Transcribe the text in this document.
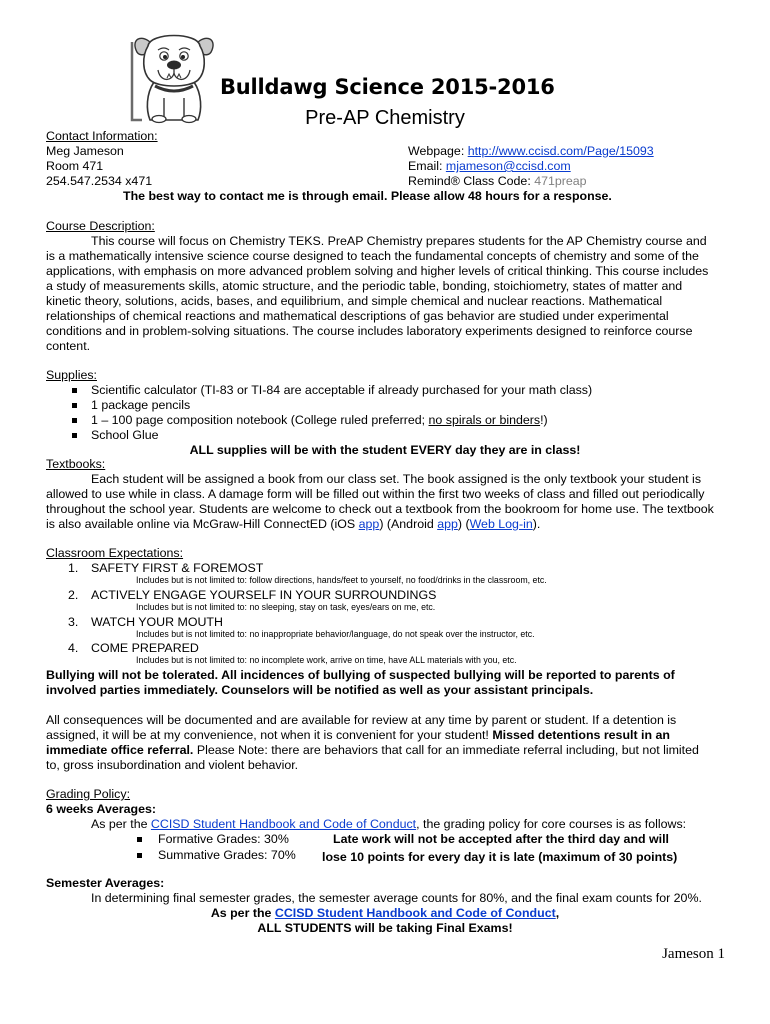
Bulldawg Science 2015-2016
Pre-AP Chemistry
Contact Information:
Meg Jameson	Webpage: http://www.ccisd.com/Page/15093
Room 471	Email: mjameson@ccisd.com
254.547.2534 x471	Remind® Class Code: 471preap
The best way to contact me is through email. Please allow 48 hours for a response.
Course Description:
This course will focus on Chemistry TEKS. PreAP Chemistry prepares students for the AP Chemistry course and
is a mathematically intensive science course designed to teach the fundamental concepts of chemistry and some of the
applications, with emphasis on more advanced problem solving and higher levels of critical thinking. This course includes
a study of measurements skills, atomic structure, and the periodic table, bonding, stoichiometry, states of matter and
kinetic theory, solutions, acids, bases, and equilibrium, and simple chemical and nuclear reactions. Mathematical
relationships of chemical reactions and mathematical descriptions of gas behavior are studied under experimental
conditions and in problem-solving situations. The course includes laboratory experiments designed to reinforce course
content.
Supplies:
Scientific calculator (TI-83 or TI-84 are acceptable if already purchased for your math class)
1 package pencils
1 – 100 page composition notebook (College ruled preferred; no spirals or binders!)
School Glue
ALL supplies will be with the student EVERY day they are in class!
Textbooks:
Each student will be assigned a book from our class set. The book assigned is the only textbook your student is
allowed to use while in class. A damage form will be filled out within the first two weeks of class and filled out periodically
throughout the school year. Students are welcome to check out a textbook from the bookroom for home use. The textbook
is also available online via McGraw-Hill ConnectED (iOS app) (Android app) (Web Log-in).
Classroom Expectations:
1. SAFETY FIRST & FOREMOST
Includes but is not limited to: follow directions, hands/feet to yourself, no food/drinks in the classroom, etc.
2. ACTIVELY ENGAGE YOURSELF IN YOUR SURROUNDINGS
Includes but is not limited to: no sleeping, stay on task, eyes/ears on me, etc.
3. WATCH YOUR MOUTH
Includes but is not limited to: no inappropriate behavior/language, do not speak over the instructor, etc.
4. COME PREPARED
Includes but is not limited to: no incomplete work, arrive on time, have ALL materials with you, etc.
Bullying will not be tolerated. All incidences of bullying of suspected bullying will be reported to parents of
involved parties immediately. Counselors will be notified as well as your assistant principals.
All consequences will be documented and are available for review at any time by parent or student. If a detention is
assigned, it will be at my convenience, not when it is convenient for your student! Missed detentions result in an
immediate office referral. Please Note: there are behaviors that call for an immediate referral including, but not limited
to, gross insubordination and violent behavior.
Grading Policy:
6 weeks Averages:
As per the CCISD Student Handbook and Code of Conduct, the grading policy for core courses is as follows:
Formative Grades: 30%
Summative Grades: 70%
Late work will not be accepted after the third day and will
lose 10 points for every day it is late (maximum of 30 points)
Semester Averages:
In determining final semester grades, the semester average counts for 80%, and the final exam counts for 20%.
As per the CCISD Student Handbook and Code of Conduct,
ALL STUDENTS will be taking Final Exams!
Jameson 1
